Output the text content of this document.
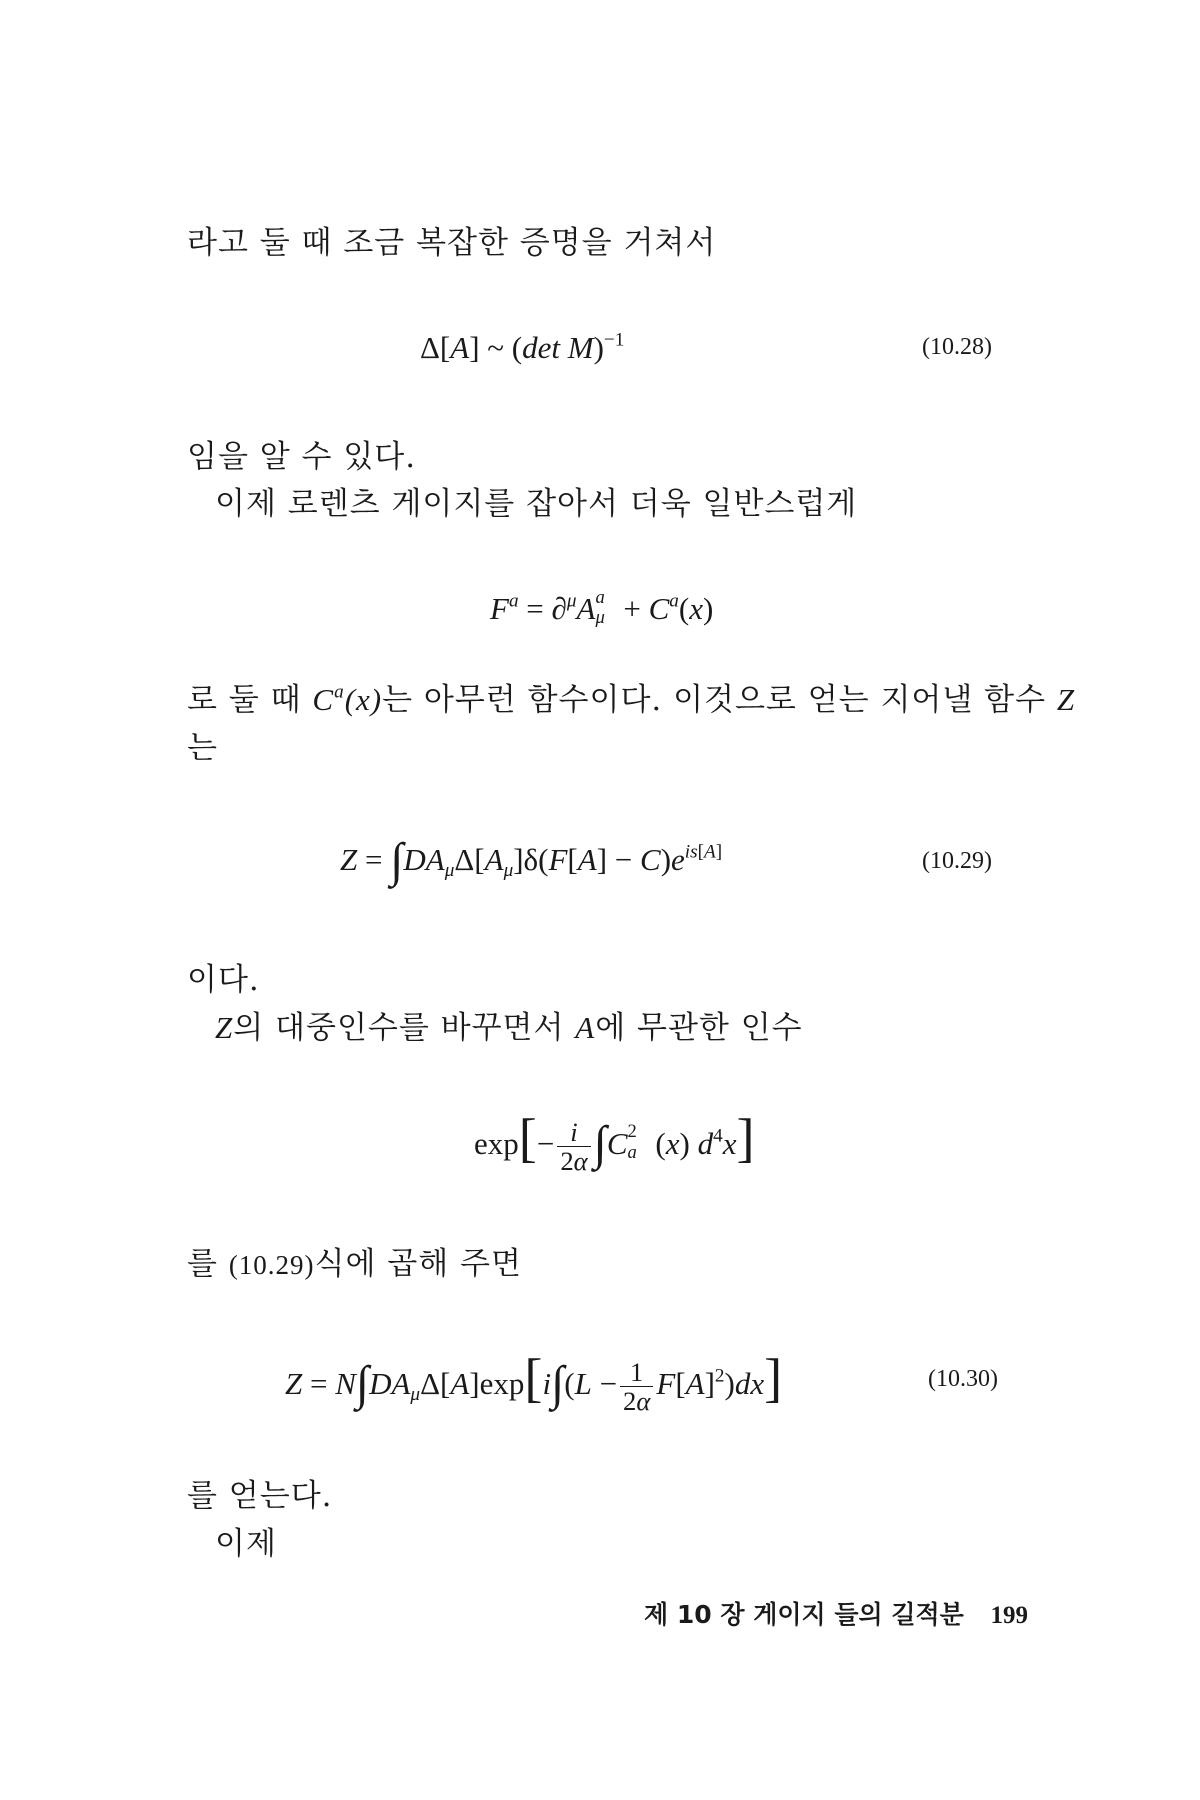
라고 둘 때 조금 복잡한 증명을 거쳐서
Δ[A] ~ (det M)$^{-1}$	(10.28)
임을 알 수 있다.
이제 로렌츠 게이지를 잡아서 더욱 일반스럽게
$F^a = \partial^\mu A$ a
$\mu + C^a(x)$
로 둘 때 $C^a(x)$는 아무런 함수이다. 이것으로 얻는 지어낼 함수 Z
는
$Z = \int DA_\mu\Delta[A_\mu]\delta(F[A] - C)e^{is[A]}$	(10.29)
이다.
Z의 대중인수를 바꾸면서 A에 무관한 인수
$\exp[- \frac{i}{2\alpha} \int C$ 2
a (x) $d^4x$]
를 (10.29)식에 곱해 주면
$Z = N\int DA_\mu\Delta[A]\exp[i\int(L - \frac{1}{2\alpha} F[A]^2)dx]$	(10.30)
를 얻는다.
이제
제 10 장 게이지 들의 길적분 199
